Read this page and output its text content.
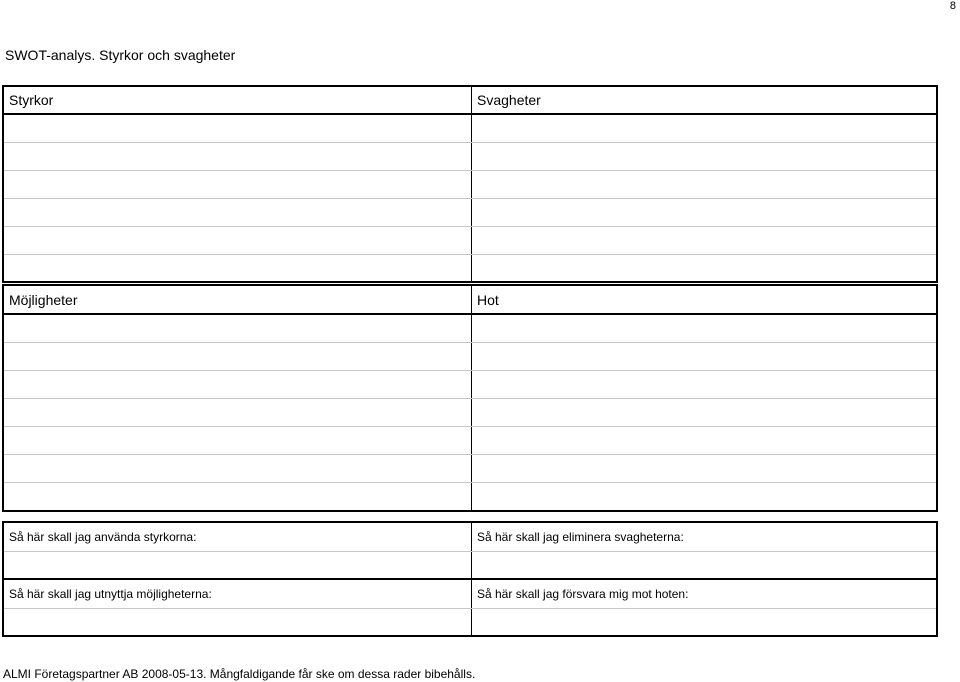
8
SWOT-analys. Styrkor och svagheter
Styrkor	Svagheter

Möjligheter	Hot

Så här skall jag använda styrkorna:	Så här skall jag eliminera svagheterna:

Så här skall jag utnyttja möjligheterna:	Så här skall jag försvara mig mot hoten:

ALMI Företagspartner AB 2008-05-13. Mångfaldigande får ske om dessa rader bibehålls.
